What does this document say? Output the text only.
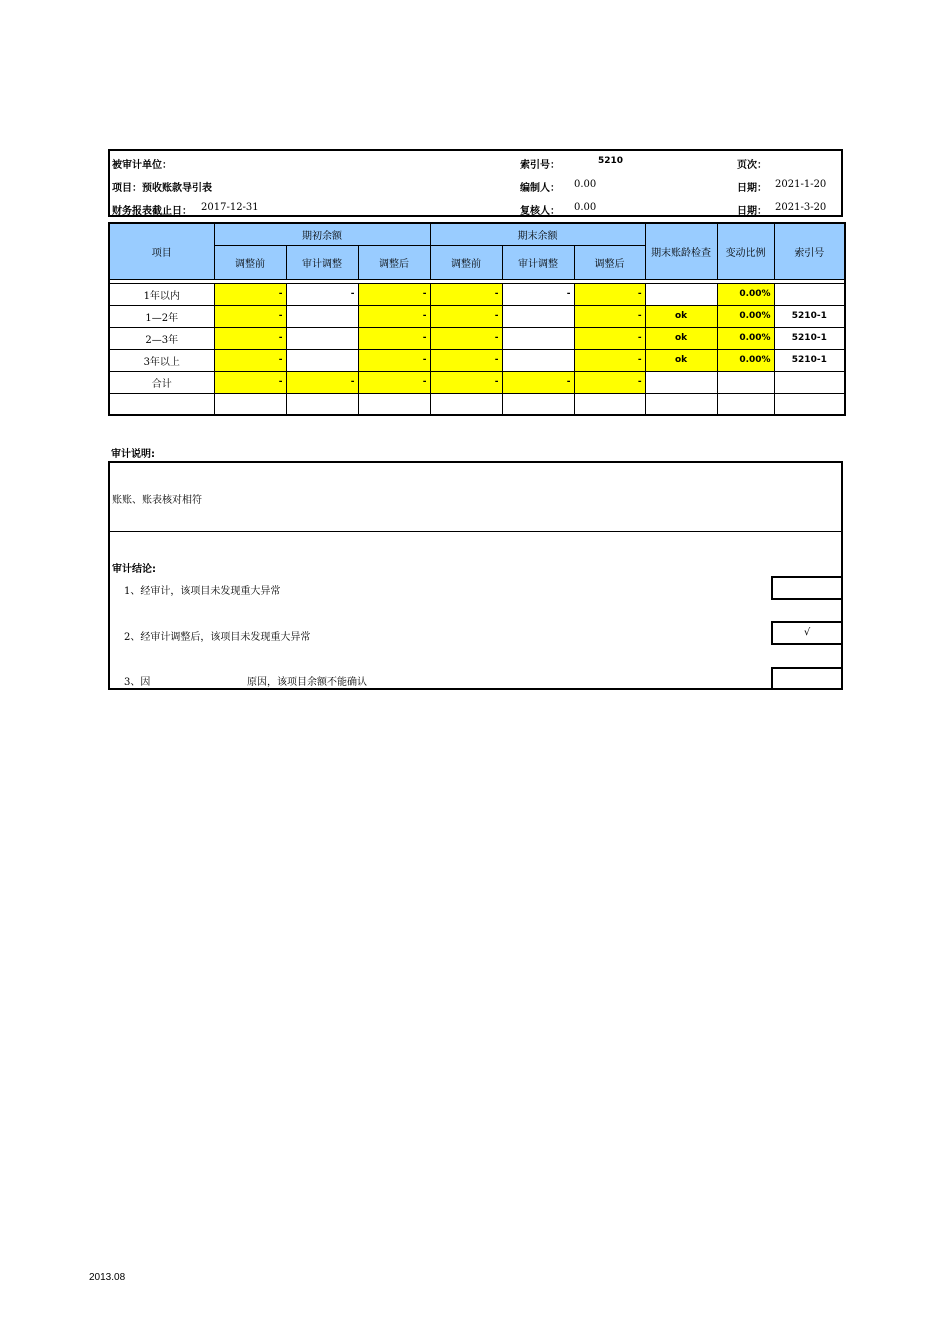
被审计单位：	索引号：	5210	页次：
项目：预收账款导引表	编制人： 0.00	日期： 2021-1-20
财务报表截止日： 2017-12-31	复核人： 0.00	日期： 2021-3-20
项目	期初余额			期末余额			期末账龄检查	变动比例	索引号
	调整前	审计调整	调整后	调整前	审计调整	调整后			

1年以内	-	-	-	-	-	-		0.00%	
1—2年	-		-	-		-	ok	0.00%	5210-1
2—3年	-		-	-		-	ok	0.00%	5210-1
3年以上	-		-	-		-	ok	0.00%	5210-1
合计	-	-	-	-	-	-			

审计说明:
账账、账表核对相符
审计结论:
1、经审计，该项目未发现重大异常
2、经审计调整后，该项目未发现重大异常	√
3、因	原因，该项目余额不能确认
2013.08
